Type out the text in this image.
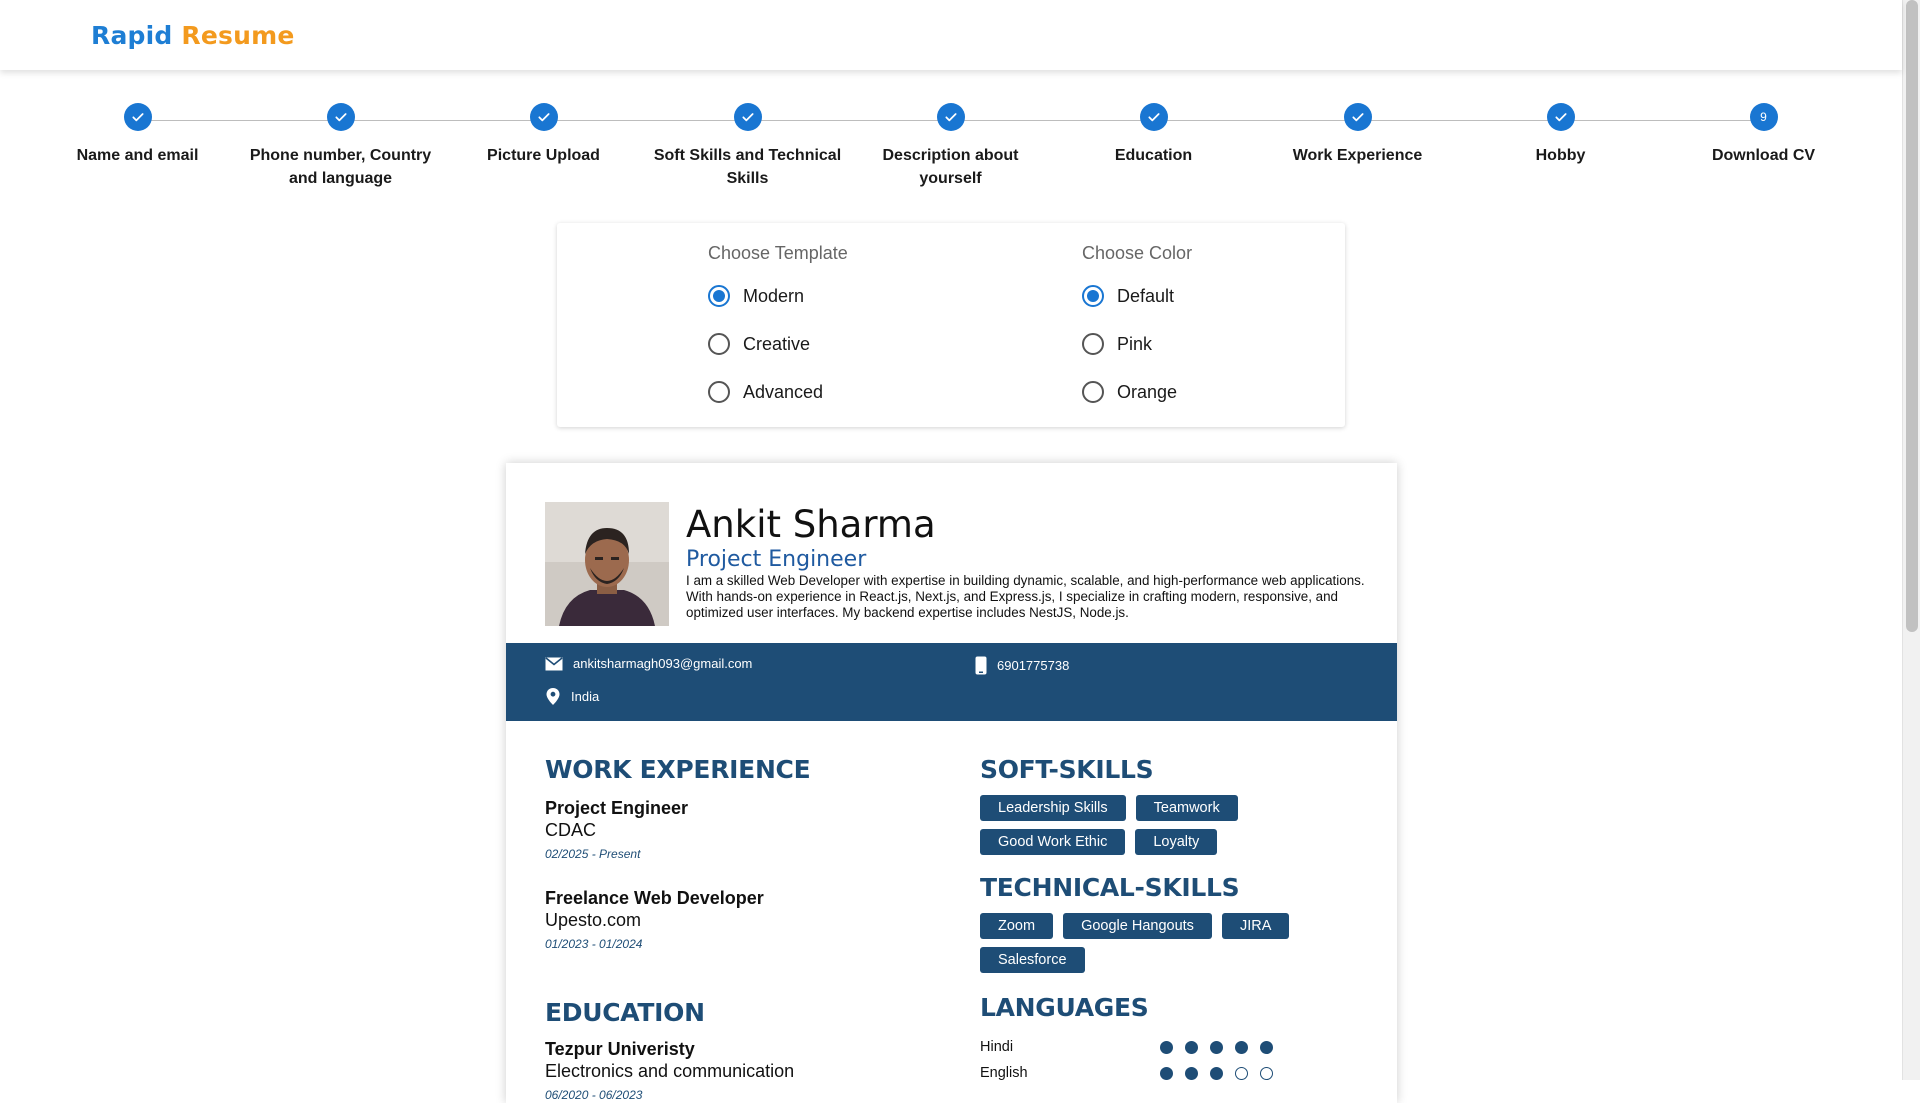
Rapid Resume
Name and email	Phone number, Country and language
Picture Upload	Soft Skills and Technical Skills
Description about yourself
Education	Work Experience	Hobby
9
Download CV
Choose Template
Modern
Creative
Advanced
Choose Color
Default
Pink
Orange
Ankit Sharma
Project Engineer
I am a skilled Web Developer with expertise in building dynamic, scalable, and high-performance web applications. With hands-on experience in React.js, Next.js, and Express.js, I specialize in crafting modern, responsive, and optimized user interfaces. My backend expertise includes NestJS, Node.js.
ankitsharmagh093@gmail.com	6901775738
India
WORK EXPERIENCE
Project Engineer
CDAC
02/2025 - Present
Freelance Web Developer
Upesto.com
01/2023 - 01/2024
EDUCATION
Tezpur Univeristy
Electronics and communication
06/2020 - 06/2023
SOFT-SKILLS
Leadership Skills	Teamwork
Good Work Ethic	Loyalty
TECHNICAL-SKILLS
Zoom	Google Hangouts	JIRA
Salesforce
LANGUAGES
Hindi
English
